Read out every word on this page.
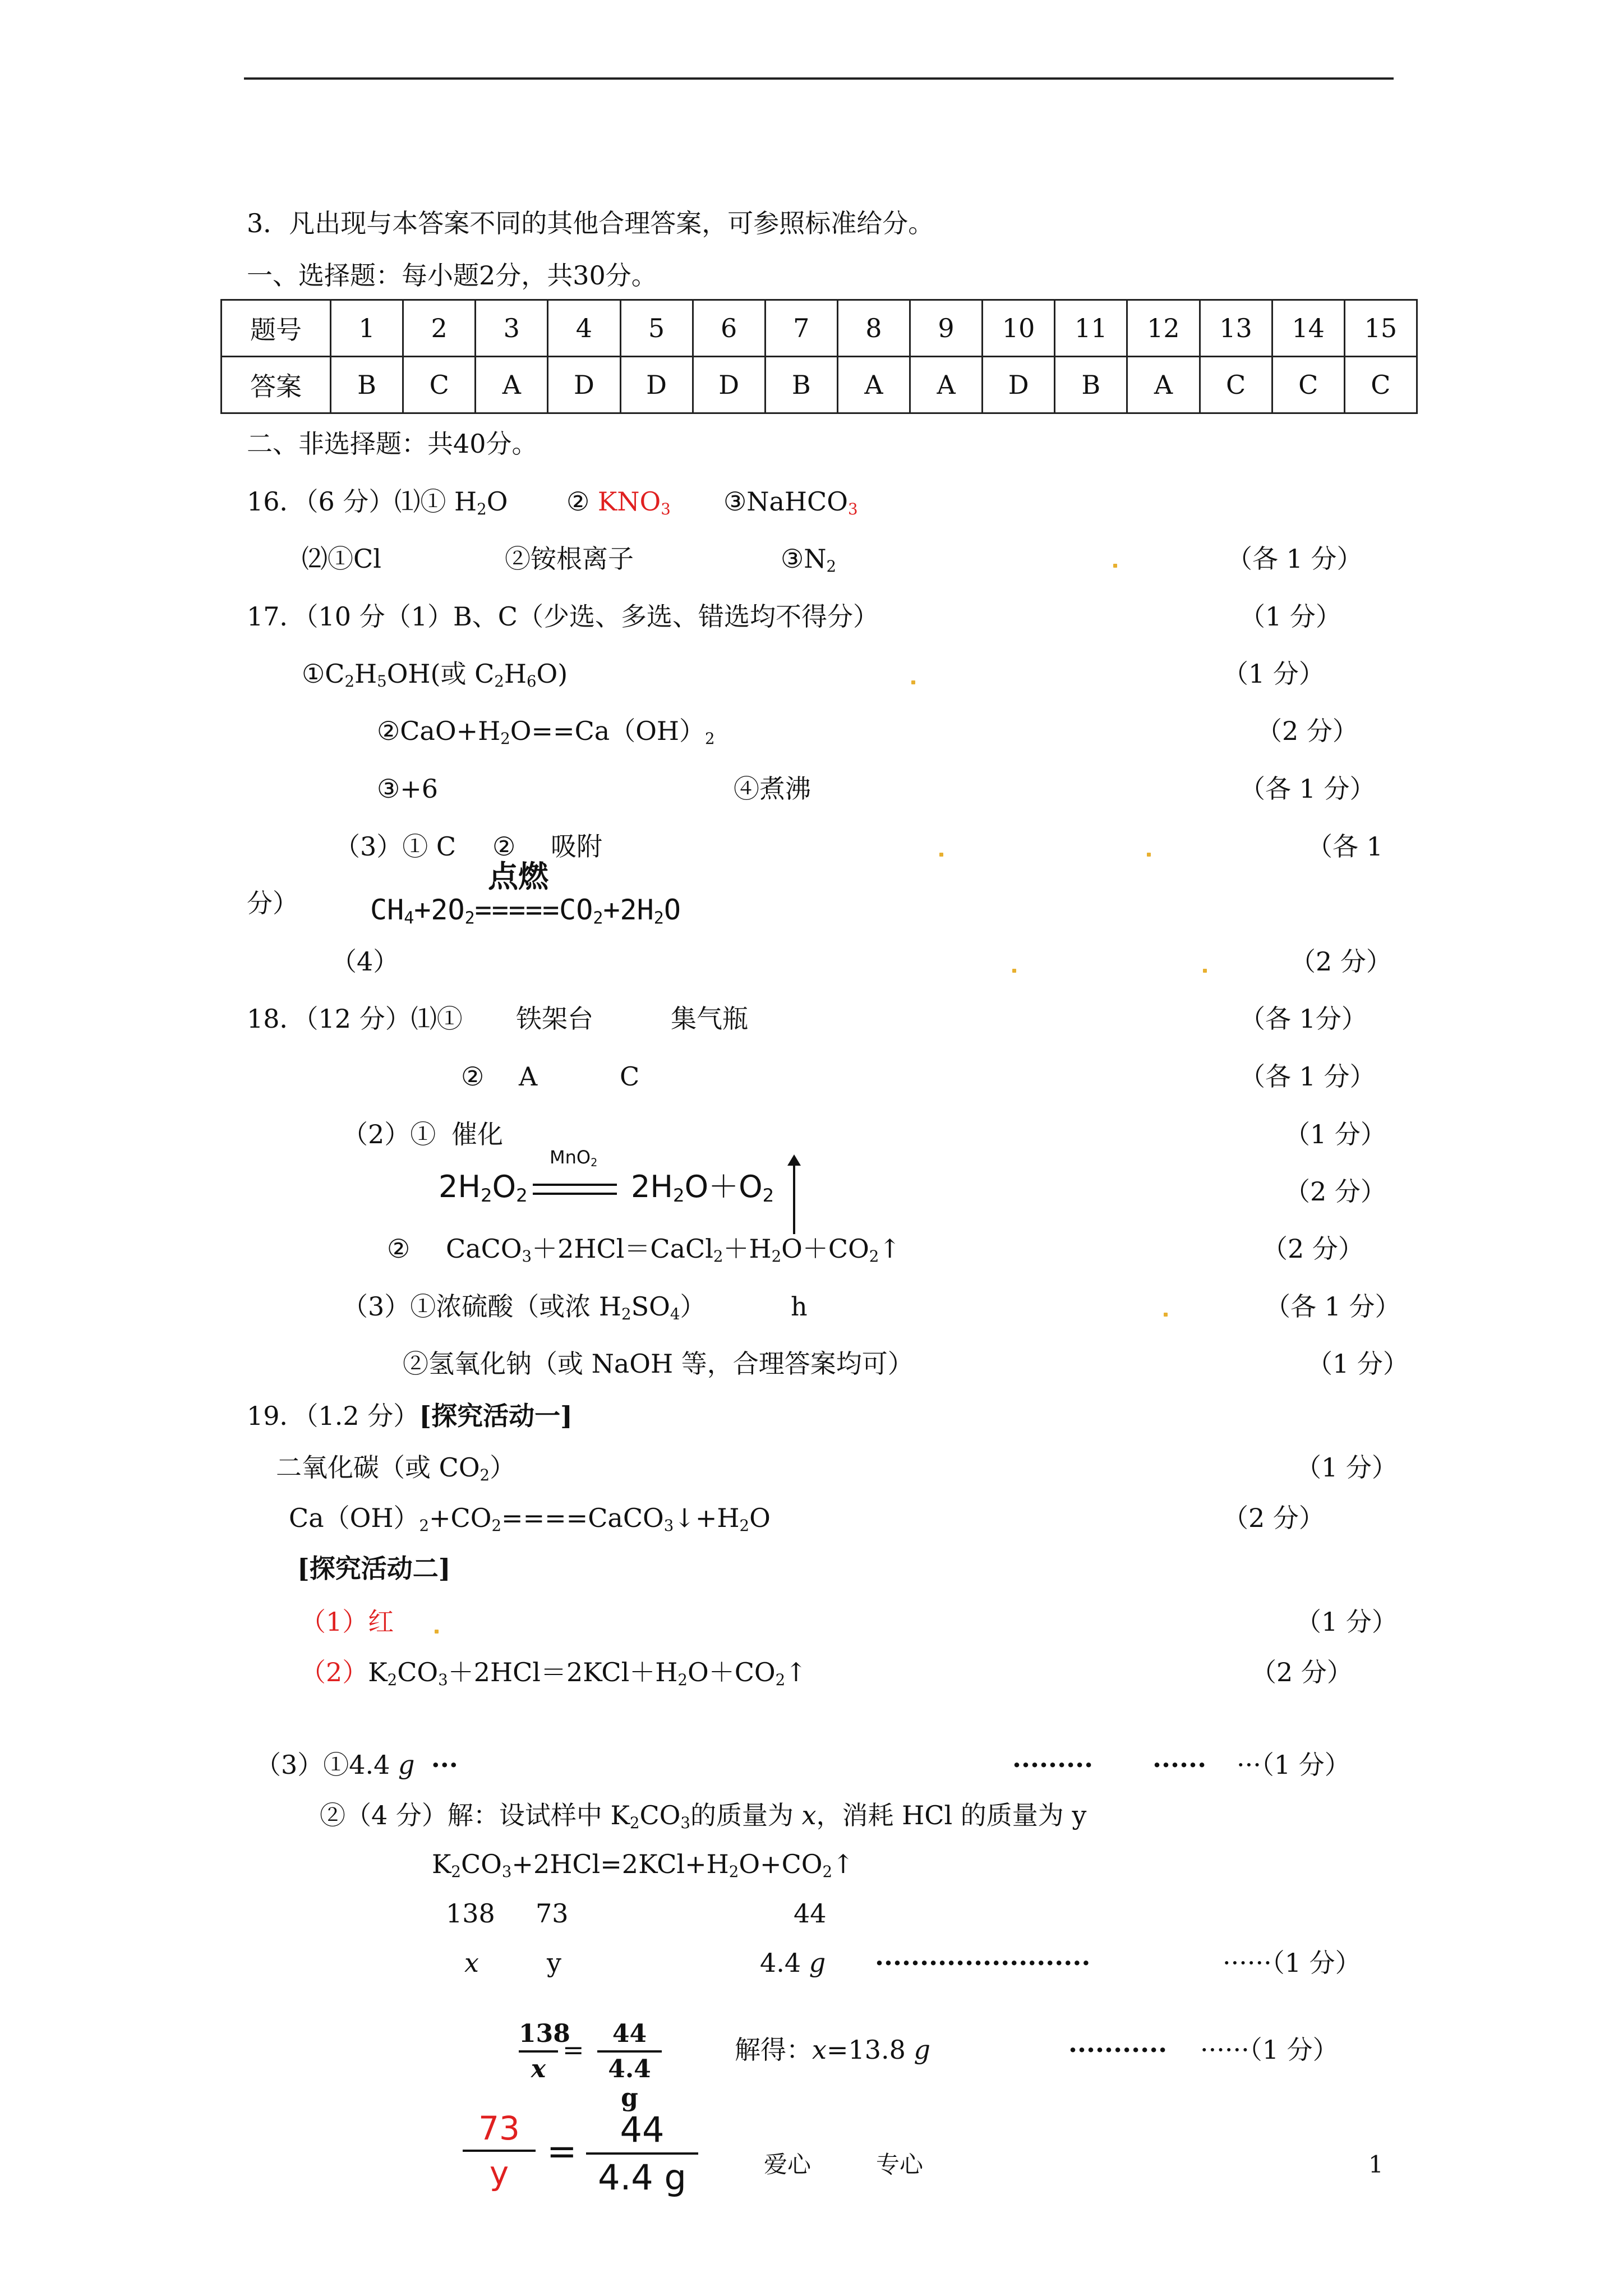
3．凡出现与本答案不同的其他合理答案，可参照标准给分。
一、选择题：每小题2分，共30分。
题号	1	2	3	4	5	6	7	8	9	10	11	12	13	14	15
答案	B	C	A	D	D	D	B	A	A	D	B	A	C	C	C
二、非选择题：共40分。
16．（6 分）⑴① $H_2O$ ② $KNO_3$ ③NaHCO$_3$
⑵①Cl	②铵根离子	$③N_2$	（各 1 分）
17．（10 分（1）B、C（少选、多选、错选均不得分）	（1 分）
$①C_2H_5OH$(或 $C_2H_6O$)	（1 分）
$②CaO+H_2O==Ca(OH)_2$	（2 分）
③+6	④煮沸	（各 1 分）
（3）① C ② 吸附	（各 1
分）
点燃
$CH_4+2O_2=====CO_2+2H_2O$
（4）	（2 分）
18．（12 分）⑴① 铁架台	集气瓶	（各 1分）
② A	C	（各 1 分）
（2）① 催化	（1 分）
MnO$_2$
$2H_2O_2$	$2H_2O+O_2$	（2 分）
② $CaCO_3+2HCl=CaCl_2+H_2O+CO_2↑$	（2 分）
（3）①浓硫酸（或浓 $H_2SO_4$）	h	（各 1 分）
②氢氧化钠（或 NaOH 等，合理答案均可）	（1 分）
19．（1.2 分）[探究活动一]
二氧化碳（或 $CO_2$）	（1 分）
$Ca(OH)_2+CO_2====CaCO_3↓+H_2O$	（2 分）
[探究活动二]
（1）红	（1 分）
$(2)K_2CO_3+2HCl=2KCl+H_2O+CO_2↑$	（2 分）
（3）①4.4 g ···	········· ······ ···（1 分）
②（4 分）解：设试样中 $K_2CO_3$的质量为 x，消耗 HCl 的质量为 y
$K_2CO_3+2HCl=2KCl+H_2O+CO_2↑$
138 73	44
x	y	4.4 g ························	······（1 分）
138
x
=
44
4.4 g
解得：x=13.8 g	··········· ······（1 分）
73
y
=
44
4.4 g	爱心	专心	1
